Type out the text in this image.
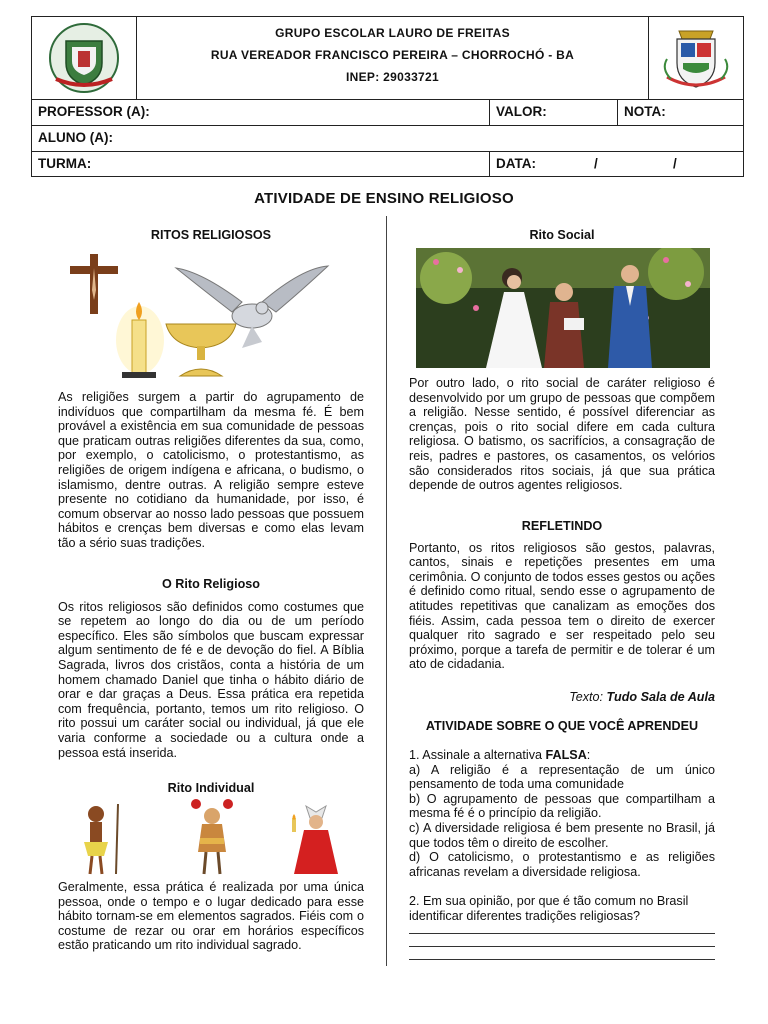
GRUPO ESCOLAR LAURO DE FREITAS
RUA VEREADOR FRANCISCO PEREIRA – CHORROCHÓ - BA
INEP: 29033721
PROFESSOR (A):	VALOR:	NOTA:
ALUNO (A):
TURMA:	DATA:	/	/
ATIVIDADE DE ENSINO RELIGIOSO
RITOS RELIGIOSOS

As religiões surgem a partir do agrupamento de indivíduos que compartilham da mesma fé. É bem provável a existência em sua comunidade de pessoas que praticam outras religiões diferentes da sua, como, por exemplo, o catolicismo, o protestantismo, as religiões de origem indígena e africana, o budismo, o islamismo, dentre outras. A religião sempre esteve presente no cotidiano da humanidade, por isso, é comum observar ao nosso lado pessoas que possuem hábitos e crenças bem diversas e como elas levam tão a sério suas tradições.

O Rito Religioso

Os ritos religiosos são definidos como costumes que se repetem ao longo do dia ou de um período específico. Eles são símbolos que buscam expressar algum sentimento de fé e de devoção do fiel. A Bíblia Sagrada, livros dos cristãos, conta a história de um homem chamado Daniel que tinha o hábito diário de orar e dar graças a Deus. Essa prática era repetida com frequência, portanto, temos um rito religioso. O rito possui um caráter social ou individual, já que ele varia conforme a sociedade ou a cultura onde a pessoa está inserida.

Rito Individual

Geralmente, essa prática é realizada por uma única pessoa, onde o tempo e o lugar dedicado para esse hábito tornam-se em elementos sagrados. Fiéis com o costume de rezar ou orar em horários específicos estão praticando um rito individual sagrado.

Rito Social

Por outro lado, o rito social de caráter religioso é desenvolvido por um grupo de pessoas que compõem a religião. Nesse sentido, é possível diferenciar as crenças, pois o rito social difere em cada cultura religiosa. O batismo, os sacrifícios, a consagração de reis, padres e pastores, os casamentos, os velórios são considerados ritos sociais, já que sua prática depende de outros agentes religiosos.

REFLETINDO

Portanto, os ritos religiosos são gestos, palavras, cantos, sinais e repetições presentes em uma cerimônia. O conjunto de todos esses gestos ou ações é definido como ritual, sendo esse o agrupamento de atitudes repetitivas que canalizam as emoções dos fiéis. Assim, cada pessoa tem o direito de exercer qualquer rito sagrado e ser respeitado pelo seu próximo, porque a tarefa de permitir e de tolerar é um ato de cidadania.

Texto: Tudo Sala de Aula
ATIVIDADE SOBRE O QUE VOCÊ APRENDEU

1. Assinale a alternativa FALSA:

a) A religião é a representação de um único pensamento de toda uma comunidade

b) O agrupamento de pessoas que compartilham a mesma fé é o princípio da religião.

c) A diversidade religiosa é bem presente no Brasil, já que todos têm o direito de escolher.

d) O catolicismo, o protestantismo e as religiões africanas revelam a diversidade religiosa.

2. Em sua opinião, por que é tão comum no Brasil identificar diferentes tradições religiosas?
